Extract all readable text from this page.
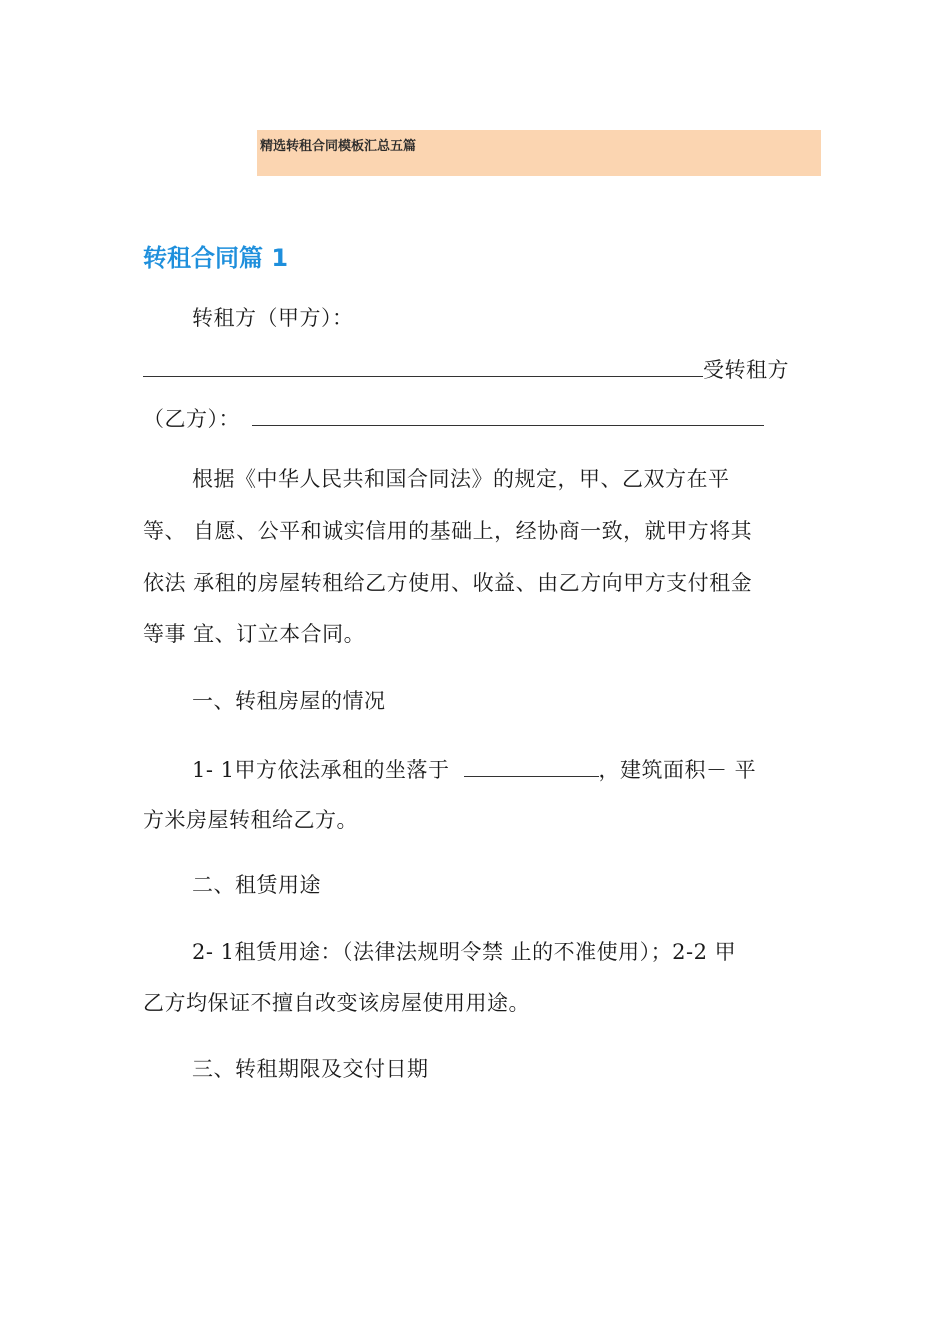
精选转租合同模板汇总五篇
转租合同篇 1
转租方（甲方）：
受转租方
（乙方）：
根据《中华人民共和国合同法》的规定，甲、乙双方在平
等、 自愿、公平和诚实信用的基础上，经协商一致，就甲方将其
依法 承租的房屋转租给乙方使用、收益、由乙方向甲方支付租金
等事 宜、订立本合同。
一、转租房屋的情况
1- 1甲方依法承租的坐落于	，建筑面积－ 平
方米房屋转租给乙方。
二、租赁用途
2- 1租赁用途：（法律法规明令禁 止的不准使用）；2-2 甲
乙方均保证不擅自改变该房屋使用用途。
三、转租期限及交付日期
